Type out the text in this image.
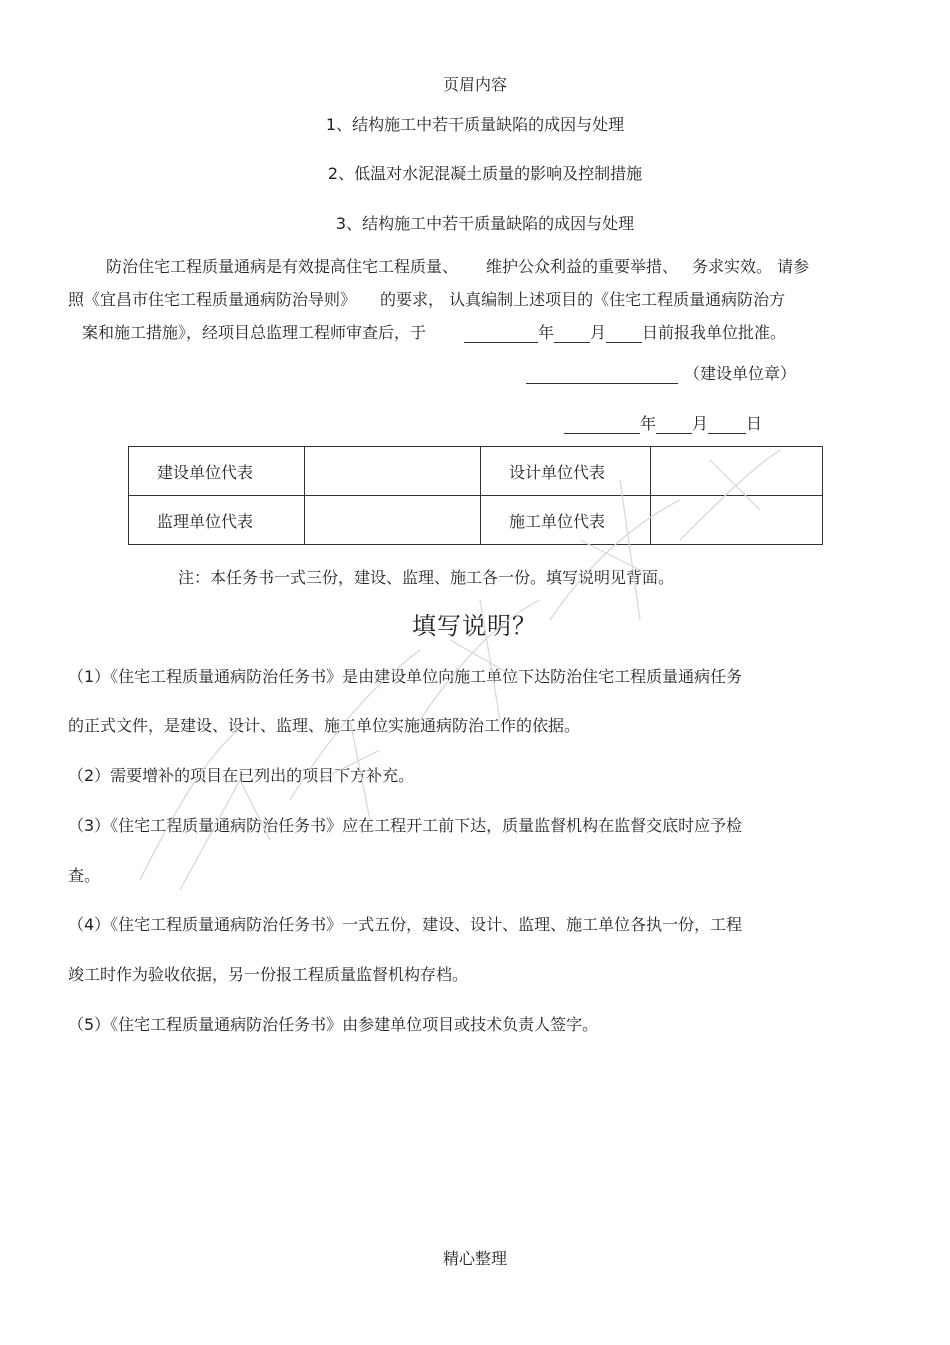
页眉内容
1、结构施工中若干质量缺陷的成因与处理
2、低温对水泥混凝土质量的影响及控制措施
3、结构施工中若干质量缺陷的成因与处理
防治住宅工程质量通病是有效提高住宅工程质量、 维护公众利益的重要举措、 务求实效。 请参
照《宜昌市住宅工程质量通病防治导则》 的要求， 认真编制上述项目的《住宅工程质量通病防治方
案和施工措施》，经项目总监理工程师审查后，于	年 月 日前报我单位批准。
（建设单位章）
年 月 日
建设单位代表		设计单位代表	
监理单位代表		施工单位代表	
注：本任务书一式三份，建设、监理、施工各一份。填写说明见背面。
填写说明？
（1）《住宅工程质量通病防治任务书》是由建设单位向施工单位下达防治住宅工程质量通病任务
的正式文件，是建设、设计、监理、施工单位实施通病防治工作的依据。
（2）需要增补的项目在已列出的项目下方补充。
（3）《住宅工程质量通病防治任务书》应在工程开工前下达，质量监督机构在监督交底时应予检
查。
（4）《住宅工程质量通病防治任务书》一式五份，建设、设计、监理、施工单位各执一份，工程
竣工时作为验收依据，另一份报工程质量监督机构存档。
（5）《住宅工程质量通病防治任务书》由参建单位项目或技术负责人签字。
精心整理
